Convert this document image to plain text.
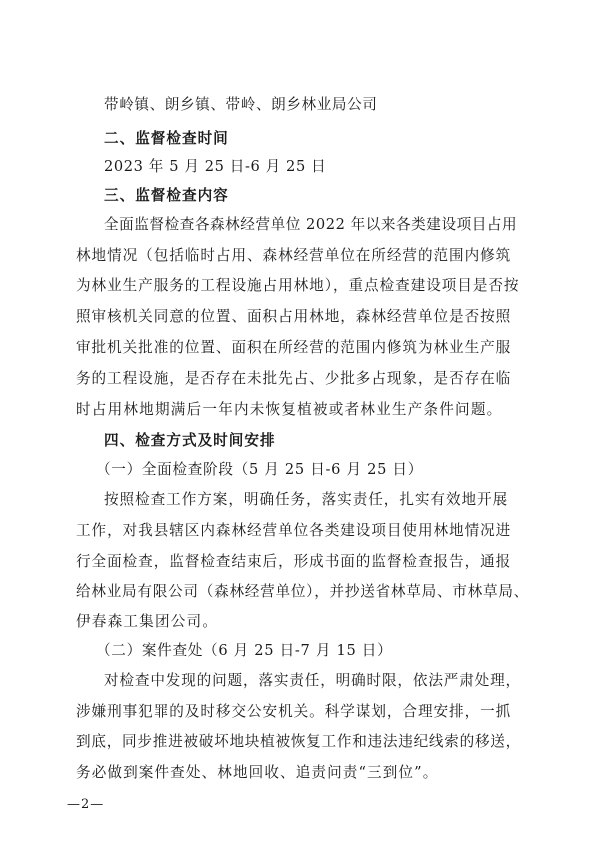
带岭镇、朗乡镇、带岭、朗乡林业局公司
二、监督检查时间
2023 年 5 月 25 日-6 月 25 日
三、监督检查内容
全面监督检查各森林经营单位 2022 年以来各类建设项目占用
林地情况（包括临时占用、森林经营单位在所经营的范围内修筑
为林业生产服务的工程设施占用林地），重点检查建设项目是否按
照审核机关同意的位置、面积占用林地，森林经营单位是否按照
审批机关批准的位置、面积在所经营的范围内修筑为林业生产服
务的工程设施，是否存在未批先占、少批多占现象，是否存在临
时占用林地期满后一年内未恢复植被或者林业生产条件问题。
四、检查方式及时间安排
（一）全面检查阶段（5 月 25 日-6 月 25 日）
按照检查工作方案，明确任务，落实责任，扎实有效地开展
工作，对我县辖区内森林经营单位各类建设项目使用林地情况进
行全面检查，监督检查结束后，形成书面的监督检查报告，通报
给林业局有限公司（森林经营单位），并抄送省林草局、市林草局、
伊春森工集团公司。
（二）案件查处（6 月 25 日-7 月 15 日）
对检查中发现的问题，落实责任，明确时限，依法严肃处理，
涉嫌刑事犯罪的及时移交公安机关。科学谋划，合理安排，一抓
到底，同步推进被破坏地块植被恢复工作和违法违纪线索的移送，
务必做到案件查处、林地回收、追责问责“三到位”。
—2—
